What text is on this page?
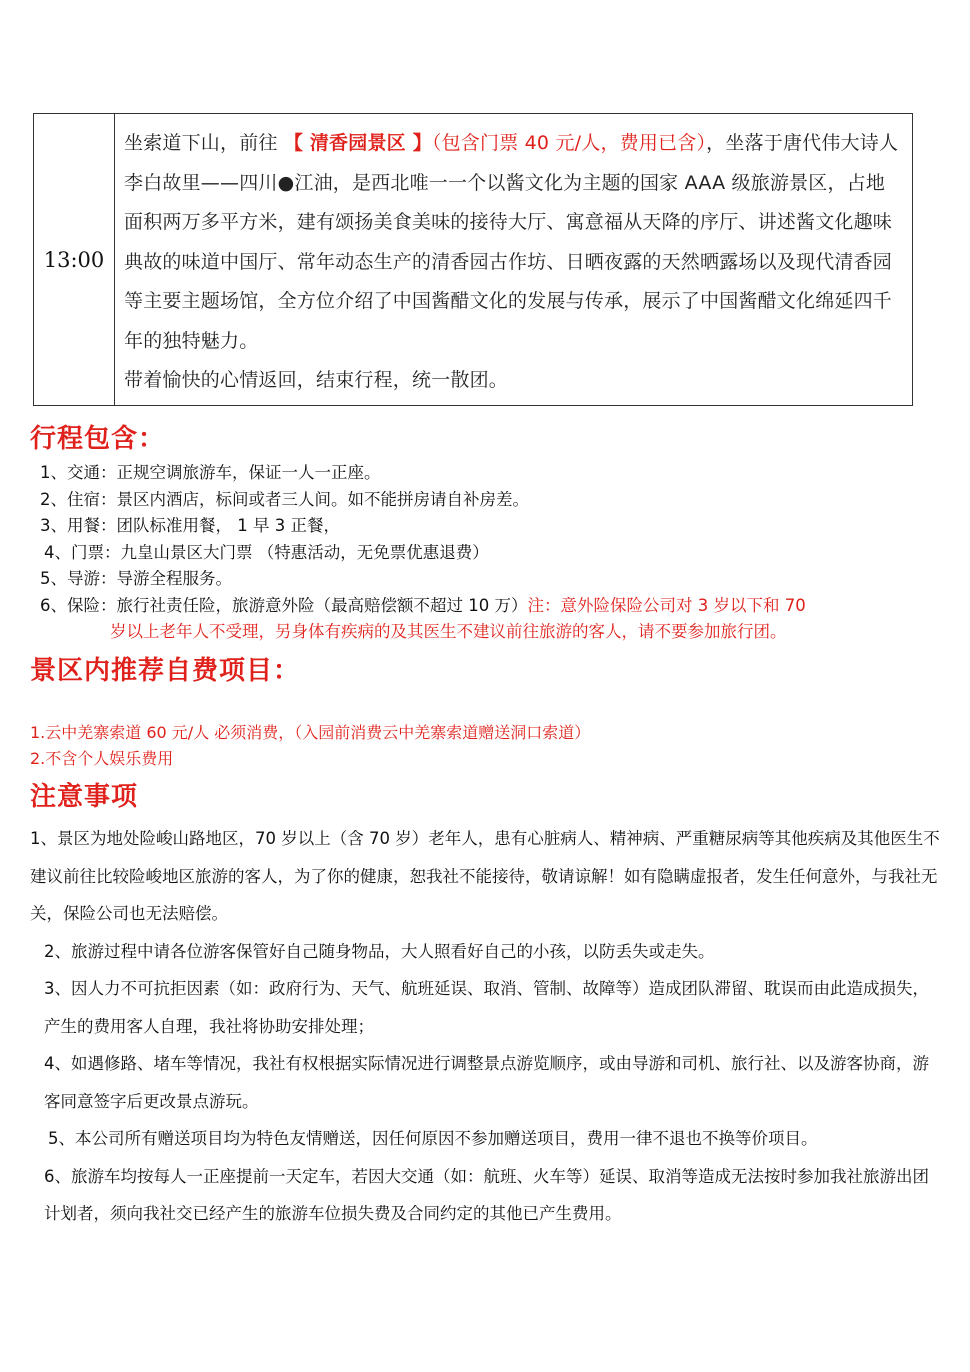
13:00

坐索道下山，前往 【 清香园景区 】（包含门票 40 元/人，费用已含），坐落于唐代伟大诗人李白故里——四川●江油，是西北唯一一个以酱文化为主题的国家 AAA 级旅游景区，占地面积两万多平方米，建有颂扬美食美味的接待大厅、寓意福从天降的序厅、讲述酱文化趣味典故的味道中国厅、常年动态生产的清香园古作坊、日晒夜露的天然晒露场以及现代清香园等主要主题场馆，全方位介绍了中国酱醋文化的发展与传承，展示了中国酱醋文化绵延四千年的独特魅力。

带着愉快的心情返回，结束行程，统一散团。

行程包含：
1、交通：正规空调旅游车，保证一人一正座。
2、住宿：景区内酒店，标间或者三人间。如不能拼房请自补房差。
3、用餐：团队标准用餐， 1 早 3 正餐，
4、门票：九皇山景区大门票 （特惠活动，无免票优惠退费）
5、导游：导游全程服务。
6、保险：旅行社责任险，旅游意外险（最高赔偿额不超过 10 万）注：意外险保险公司对 3 岁以下和 70
岁以上老年人不受理，另身体有疾病的及其医生不建议前往旅游的客人，请不要参加旅行团。
景区内推荐自费项目：
1.云中羌寨索道 60 元/人 必须消费，（入园前消费云中羌寨索道赠送洞口索道）
2.不含个人娱乐费用
注意事项

1、景区为地处险峻山路地区，70 岁以上（含 70 岁）老年人，患有心脏病人、精神病、严重糖尿病等其他疾病及其他医生不建议前往比较险峻地区旅游的客人，为了你的健康，恕我社不能接待，敬请谅解！如有隐瞒虚报者，发生任何意外，与我社无关，保险公司也无法赔偿。

2、旅游过程中请各位游客保管好自己随身物品，大人照看好自己的小孩，以防丢失或走失。

3、因人力不可抗拒因素（如：政府行为、天气、航班延误、取消、管制、故障等）造成团队滞留、耽误而由此造成损失，产生的费用客人自理，我社将协助安排处理；

4、如遇修路、堵车等情况，我社有权根据实际情况进行调整景点游览顺序，或由导游和司机、旅行社、以及游客协商，游客同意签字后更改景点游玩。

5、本公司所有赠送项目均为特色友情赠送，因任何原因不参加赠送项目，费用一律不退也不换等价项目。

6、旅游车均按每人一正座提前一天定车，若因大交通（如：航班、火车等）延误、取消等造成无法按时参加我社旅游出团计划者，须向我社交已经产生的旅游车位损失费及合同约定的其他已产生费用。
